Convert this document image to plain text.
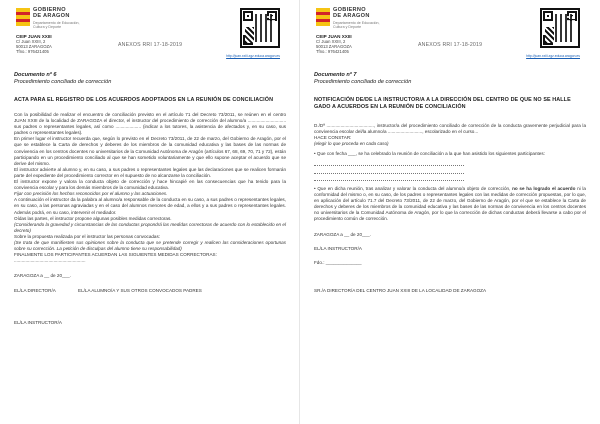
GOBIERNO
DE ARAGON
Departamento de Educación, Cultura y Deporte
CEIP JUAN XXIII
C/ Juan XXIII, 2
50013 ZARAGOZA
Tfno.: 976421405
ANEXOS RRI 17-18-2019
http://juan.xxiii.zgz.educa.aragon.es
Documento nº 6
Procedimiento conciliado de corrección
ACTA PARA EL REGISTRO DE LOS ACUERDOS ADOPTADOS EN LA REUNIÓN DE CONCILIACIÓN

Con la posibilidad de realizar el encuentro de conciliación previsto en el artículo 71 del Decreto 73/2011, se reúnen en el centro JUAN XXIII de la localidad de ZARAGOZA el director, el instructor del procedimiento de corrección del alumno/a .............................. sus padres o representantes legales, así como .................... (indicar a los tutores, la asistencia de afectados y, en su caso, sus padres o representantes legales).

En primer lugar el instructor recuerda que, según lo previsto en el Decreto 73/2011, de 22 de marzo, del Gobierno de Aragón, por el que se establece la Carta de derechos y deberes de los miembros de la comunidad educativa y las bases de las normas de convivencia en los centros docentes no universitarios de la Comunidad Autónoma de Aragón (artículos 67, 68, 69, 70, 71 y 72), están participando en un procedimiento conciliado al que se han sometido voluntariamente y que ello supone aceptar el acuerdo que se derive del mismo.

El instructor advierte al alumno y, en su caso, a sus padres o representantes legales que las declaraciones que se realicen formarán parte del expediente del procedimiento corrector en el supuesto de no alcanzarse la conciliación.

El instructor expone y valora la conducta objeto de corrección y hace hincapié en las consecuencias que ha tenido para la convivencia escolar y para los demás miembros de la comunidad educativa.

Fijar con precisión los hechos reconocidos por el alumno y las actuaciones.

A continuación el instructor da la palabra al alumno/a responsable de la conducta en su caso, a sus padres o representantes legales, en su caso, a las personas agraviadas y en el caso del alumnos menores de edad, a ellos y a sus padres o representantes legales. Además podrá, en su caso, intervenir el mediador.

Oídas las partes, el instructor propone algunas posibles medidas correctoras.

(Considerando la gravedad y circunstancias de las conductas propondrá las medidas correctoras de acuerdo con lo establecido en el decreto)

Sobre la propuesta realizada por el instructor las personas convocadas:

(Se trata de que manifiesten sus opiniones sobre la conducta que se pretende corregir y realicen las consideraciones oportunas sobre su corrección. La petición de disculpas del alumno tiene su responsabilidad)

FINALMENTE LOS PARTICIPANTES ACUERDAN LAS SIGUIENTES MEDIDAS CORRECTORAS:

........................................................

ZARAGOZA a __ de 20___.
EL/LA DIRECTOR/A	EL/LA ALUMNO/A Y SUS OTROS CONVOCADOS PADRES
EL/LA INSTRUCTOR/A
GOBIERNO
DE ARAGON
Departamento de Educación, Cultura y Deporte
CEIP JUAN XXIII
C/ Juan XXIII, 2
50013 ZARAGOZA
Tfno.: 976421405
ANEXOS RRI 17-18-2019
http://juan.xxiii.zgz.educa.aragon.es
Documento nº 7
Procedimiento conciliado de corrección
NOTIFICACIÓN DE/DE LA INSTRUCTOR/A A LA DIRECCIÓN DEL CENTRO DE QUE NO SE HALLE GADO A ACUERDOS EN LA REUNIÓN DE CONCILIACIÓN

D./Dª ....................................., instructor/a del procedimiento conciliado de corrección de la conducta gravemente perjudicial para la convivencia escolar del/la alumno/a ..........................., escolarizado en el curso...

HACE CONSTAR:

(elegir lo que proceda en cada caso)

• Que con fecha ___, se ha celebrado la reunión de conciliación a la que han asistido los siguientes participantes:

• Que en dicha reunión, tras analizar y valorar la conducta del alumno/a objeto de corrección, no se ha logrado el acuerdo ni la conformidad del mismo o, en su caso, de los padres o representantes legales con las medidas de corrección propuestas, por lo que, en aplicación del artículo 71.7 del Decreto 73/2011, de 22 de marzo, del Gobierno de Aragón, por el que se establece la Carta de derechos y deberes de los miembros de la comunidad educativa y las bases de las normas de convivencia en los centros docentes no universitarios de la Comunidad Autónoma de Aragón, por lo que la corrección de dichas conductas deberá llevarse a cabo por el procedimiento común de corrección.

ZARAGOZA a __ de 20___.
EL/LA INSTRUCTOR/A
Fdo.: ______________
SR./A DIRECTOR/A DEL CENTRO JUAN XXIII DE LA LOCALIDAD DE ZARAGOZA
